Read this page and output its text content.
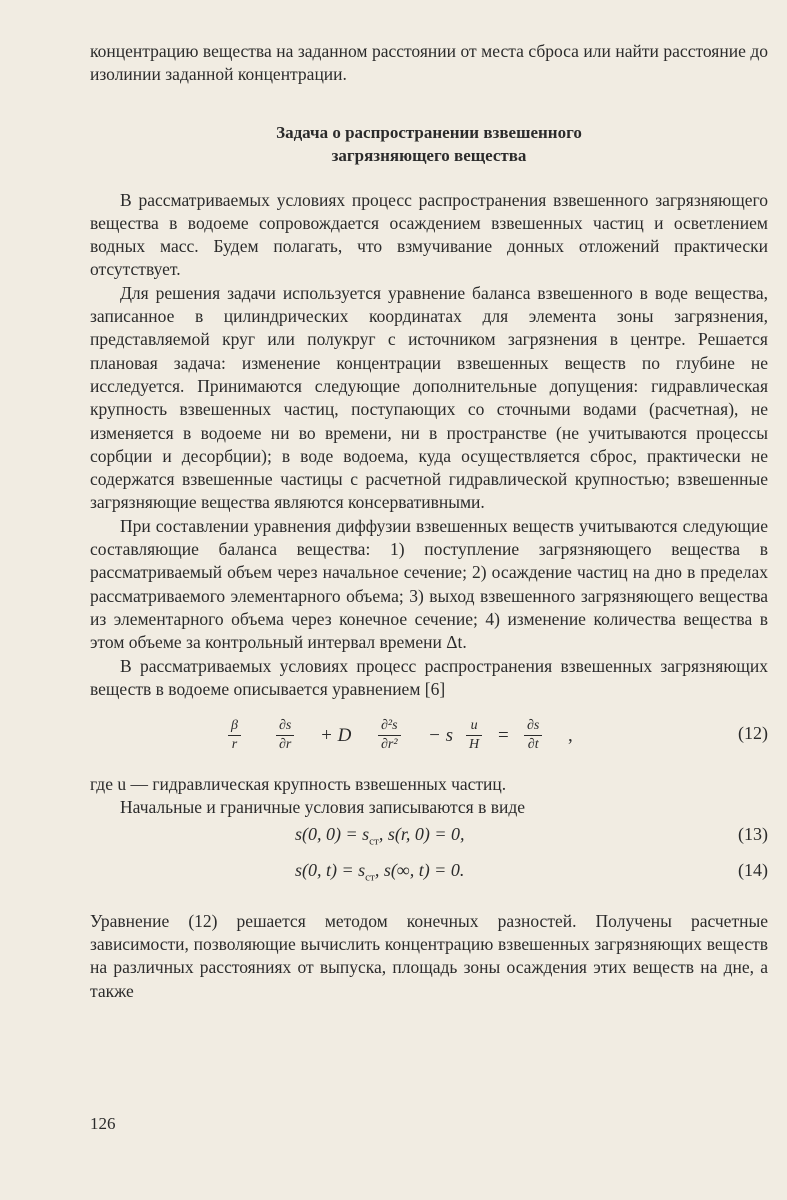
концентрацию вещества на заданном расстоянии от места сброса или найти расстояние до изолинии заданной концентрации.

Задача о распространении взвешенного
загрязняющего вещества

В рассматриваемых условиях процесс распространения взвешенного загрязняющего вещества в водоеме сопровождается осаждением взвешенных частиц и осветлением водных масс. Будем полагать, что взмучивание донных отложений практически отсутствует.

Для решения задачи используется уравнение баланса взвешенного в воде вещества, записанное в цилиндрических координатах для элемента зоны загрязнения, представляемой круг или полукруг с источником загрязнения в центре. Решается плановая задача: изменение концентрации взвешенных веществ по глубине не исследуется. Принимаются следующие дополнительные допущения: гидравлическая крупность взвешенных частиц, поступающих со сточными водами (расчетная), не изменяется в водоеме ни во времени, ни в пространстве (не учитываются процессы сорбции и десорбции); в воде водоема, куда осуществляется сброс, практически не содержатся взвешенные частицы с расчетной гидравлической крупностью; взвешенные загрязняющие вещества являются консервативными.

При составлении уравнения диффузии взвешенных веществ учитываются следующие составляющие баланса вещества: 1) поступление загрязняющего вещества в рассматриваемый объем через начальное сечение; 2) осаждение частиц на дно в пределах рассматриваемого элементарного объема; 3) выход взвешенного загрязняющего вещества из элементарного объема через конечное сечение; 4) изменение количества вещества в этом объеме за контрольный интервал времени Δt.

В рассматриваемых условиях процесс распространения взвешенных загрязняющих веществ в водоеме описывается уравнением [6]

$\frac{\beta}{r}$	$\frac{\partial s}{\partial r} + D \frac{\text{∂²s}}{\text{∂r²}} - s \frac{u}{H} = \frac{\partial s}{\partial t}$ ,	(12)

где u — гидравлическая крупность взвешенных частиц.

Начальные и граничные условия записываются в виде

s(0, $0) = s_{ст}$, s(r, 0) = 0,	(13)
s(0, $t) = s_{ст}$, s(∞, t) = 0.	(14)

Уравнение (12) решается методом конечных разностей. Получены расчетные зависимости, позволяющие вычислить концентрацию взвешенных загрязняющих веществ на различных расстояниях от выпуска, площадь зоны осаждения этих веществ на дне, а также

126
